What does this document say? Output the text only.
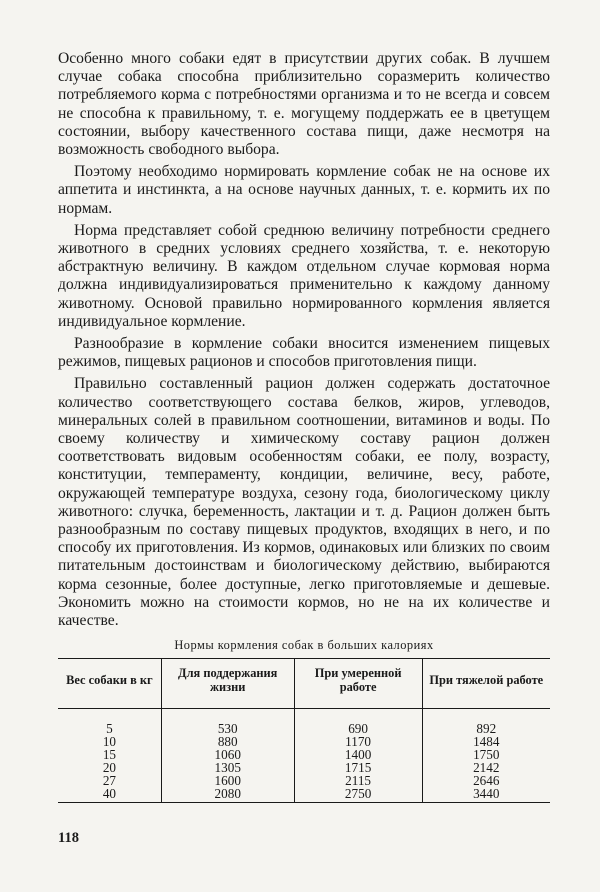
Особенно много собаки едят в присутствии других собак. В лучшем случае собака способна приблизительно соразмерить количество потребляемого корма с потребностями организма и то не всегда и совсем не способна к правильному, т. е. могущему поддержать ее в цветущем состоянии, выбору качественного состава пищи, даже несмотря на возможность свободного выбора.

Поэтому необходимо нормировать кормление собак не на основе их аппетита и инстинкта, а на основе научных данных, т. е. кормить их по нормам.

Норма представляет собой среднюю величину потребности среднего животного в средних условиях среднего хозяйства, т. е. некоторую абстрактную величину. В каждом отдельном случае кормовая норма должна индивидуализироваться применительно к каждому данному животному. Основой правильно нормированного кормления является индивидуальное кормление.

Разнообразие в кормление собаки вносится изменением пищевых режимов, пищевых рационов и способов приготовления пищи.

Правильно составленный рацион должен содержать достаточное количество соответствующего состава белков, жиров, углеводов, минеральных солей в правильном соотношении, витаминов и воды. По своему количеству и химическому составу рацион должен соответствовать видовым особенностям собаки, ее полу, возрасту, конституции, темпераменту, кондиции, величине, весу, работе, окружающей температуре воздуха, сезону года, биологическому циклу животного: случка, беременность, лактации и т. д. Рацион должен быть разнообразным по составу пищевых продуктов, входящих в него, и по способу их приготовления. Из кормов, одинаковых или близких по своим питательным достоинствам и биологическому действию, выбираются корма сезонные, более доступные, легко приготовляемые и дешевые. Экономить можно на стоимости кормов, но не на их количестве и качестве.

Нормы кормления собак в больших калориях
Вес собаки в кг	Для поддержания жизни	При умеренной работе	При тяжелой работе
5	530	690	892
10	880	1170	1484
15	1060	1400	1750
20	1305	1715	2142
27	1600	2115	2646
40	2080	2750	3440
118
